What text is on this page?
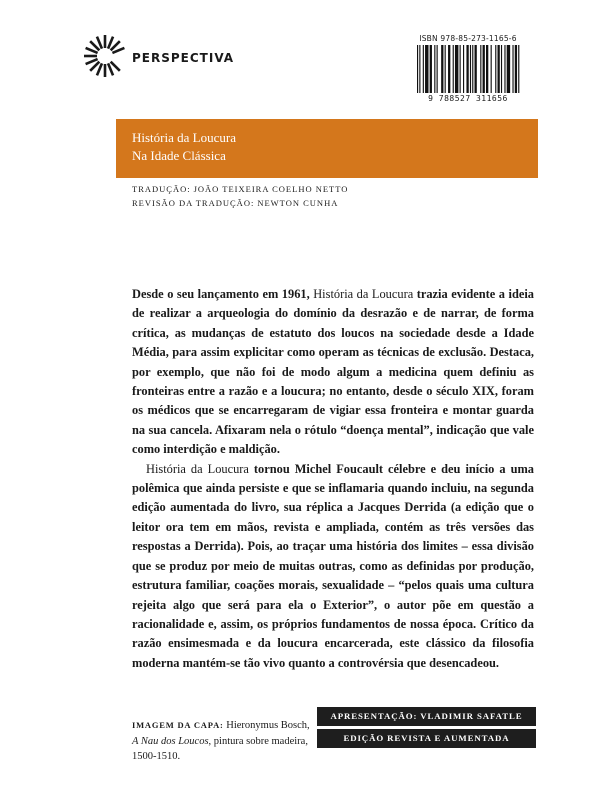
PERSPECTIVA
ISBN 978-85-273-1165-6
9 788527 311656
História da Loucura
Na Idade Clássica
TRADUÇÃO: JOÃO TEIXEIRA COELHO NETTO
REVISÃO DA TRADUÇÃO: NEWTON CUNHA

Desde o seu lançamento em 1961, História da Loucura trazia evidente a ideia de realizar a arqueologia do domínio da desrazão e de narrar, de forma crítica, as mudanças de estatuto dos loucos na sociedade desde a Idade Média, para assim explicitar como operam as técnicas de exclusão. Destaca, por exemplo, que não foi de modo algum a medicina quem definiu as fronteiras entre a razão e a loucura; no entanto, desde o século XIX, foram os médicos que se encarregaram de vigiar essa fronteira e montar guarda na sua cancela. Afixaram nela o rótulo “doença mental”, indicação que vale como interdição e maldição.

História da Loucura tornou Michel Foucault célebre e deu início a uma polêmica que ainda persiste e que se inflamaria quando incluiu, na segunda edição aumentada do livro, sua réplica a Jacques Derrida (a edição que o leitor ora tem em mãos, revista e ampliada, contém as três versões das respostas a Derrida). Pois, ao traçar uma história dos limites – essa divisão que se produz por meio de muitas outras, como as definidas por produção, estrutura familiar, coações morais, sexualidade – “pelos quais uma cultura rejeita algo que será para ela o Exterior”, o autor põe em questão a racionalidade e, assim, os próprios fundamentos de nossa época. Crítico da razão ensimesmada e da loucura encarcerada, este clássico da filosofia moderna mantém-se tão vivo quanto a controvérsia que desencadeou.

IMAGEM DA CAPA: Hieronymus Bosch, A Nau dos Loucos, pintura sobre madeira, 1500-1510.
APRESENTAÇÃO: VLADIMIR SAFATLE
EDIÇÃO REVISTA E AUMENTADA
